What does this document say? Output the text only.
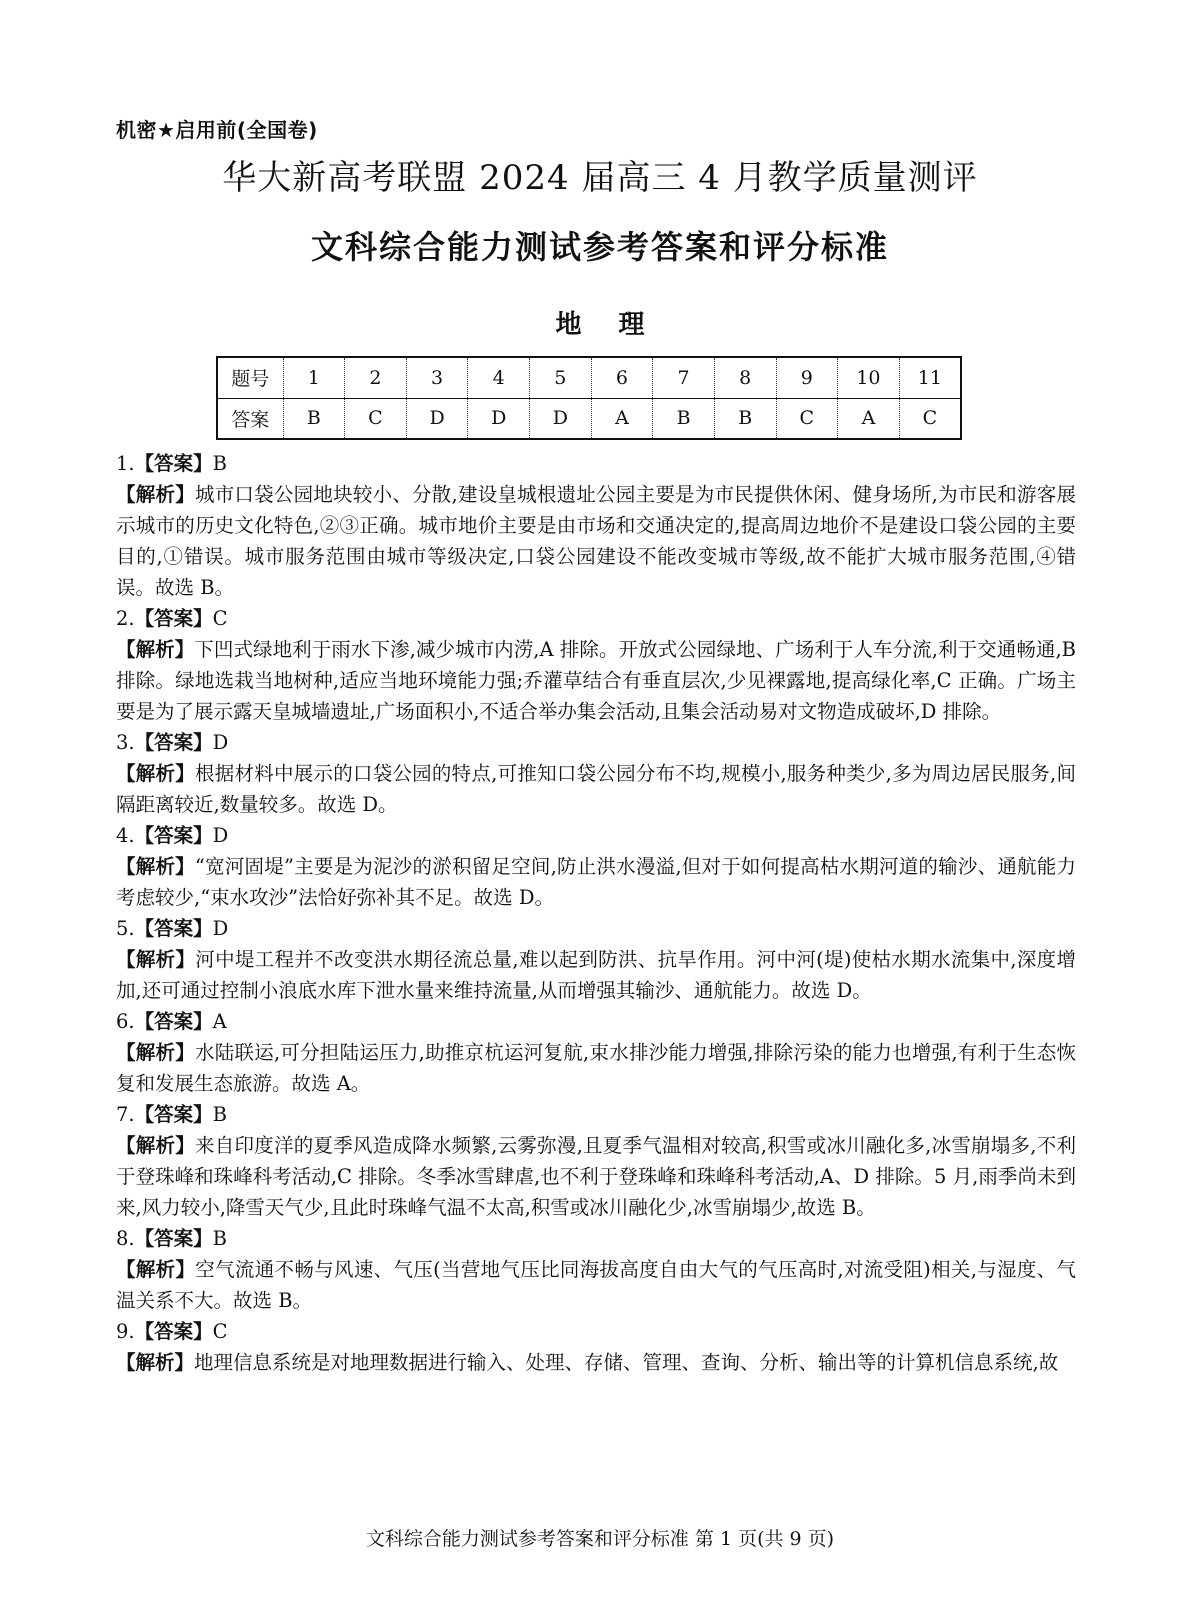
机密★启用前(全国卷)
华大新高考联盟 2024 届高三 4 月教学质量测评
文科综合能力测试参考答案和评分标准
地 理
题号	1	2	3	4	5	6	7	8	9	10	11
答案	B	C	D	D	D	A	B	B	C	A	C

1.【答案】B

【解析】城市口袋公园地块较小、分散,建设皇城根遗址公园主要是为市民提供休闲、健身场所,为市民和游客展示城市的历史文化特色,②③正确。城市地价主要是由市场和交通决定的,提高周边地价不是建设口袋公园的主要目的,①错误。城市服务范围由城市等级决定,口袋公园建设不能改变城市等级,故不能扩大城市服务范围,④错误。故选 B。

2.【答案】C

【解析】下凹式绿地利于雨水下渗,减少城市内涝,A 排除。开放式公园绿地、广场利于人车分流,利于交通畅通,B 排除。绿地选栽当地树种,适应当地环境能力强;乔灌草结合有垂直层次,少见裸露地,提高绿化率,C 正确。广场主要是为了展示露天皇城墙遗址,广场面积小,不适合举办集会活动,且集会活动易对文物造成破坏,D 排除。

3.【答案】D

【解析】根据材料中展示的口袋公园的特点,可推知口袋公园分布不均,规模小,服务种类少,多为周边居民服务,间隔距离较近,数量较多。故选 D。

4.【答案】D

【解析】“宽河固堤”主要是为泥沙的淤积留足空间,防止洪水漫溢,但对于如何提高枯水期河道的输沙、通航能力考虑较少,“束水攻沙”法恰好弥补其不足。故选 D。

5.【答案】D

【解析】河中堤工程并不改变洪水期径流总量,难以起到防洪、抗旱作用。河中河(堤)使枯水期水流集中,深度增加,还可通过控制小浪底水库下泄水量来维持流量,从而增强其输沙、通航能力。故选 D。

6.【答案】A

【解析】水陆联运,可分担陆运压力,助推京杭运河复航,束水排沙能力增强,排除污染的能力也增强,有利于生态恢复和发展生态旅游。故选 A。

7.【答案】B

【解析】来自印度洋的夏季风造成降水频繁,云雾弥漫,且夏季气温相对较高,积雪或冰川融化多,冰雪崩塌多,不利于登珠峰和珠峰科考活动,C 排除。冬季冰雪肆虐,也不利于登珠峰和珠峰科考活动,A、D 排除。5 月,雨季尚未到来,风力较小,降雪天气少,且此时珠峰气温不太高,积雪或冰川融化少,冰雪崩塌少,故选 B。

8.【答案】B

【解析】空气流通不畅与风速、气压(当营地气压比同海拔高度自由大气的气压高时,对流受阻)相关,与湿度、气温关系不大。故选 B。

9.【答案】C

【解析】地理信息系统是对地理数据进行输入、处理、存储、管理、查询、分析、输出等的计算机信息系统,故

文科综合能力测试参考答案和评分标准 第 1 页(共 9 页)
